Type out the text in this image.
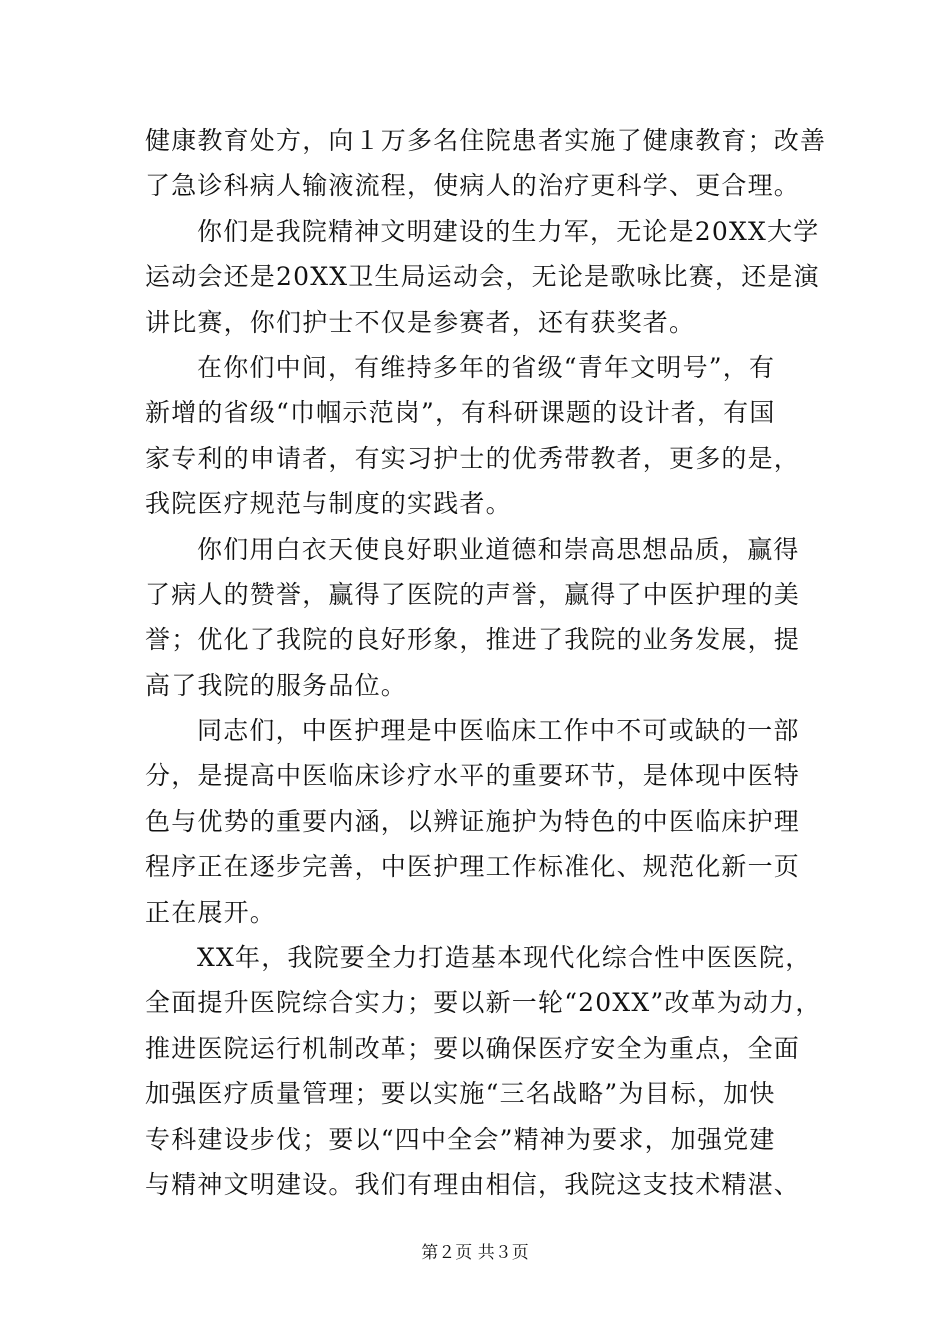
健康教育处方，向１万多名住院患者实施了健康教育；改善
了急诊科病人输液流程，使病人的治疗更科学、更合理。
你们是我院精神文明建设的生力军，无论是20XX大学
运动会还是20XX卫生局运动会，无论是歌咏比赛，还是演
讲比赛，你们护士不仅是参赛者，还有获奖者。
在你们中间，有维持多年的省级“青年文明号”，有
新增的省级“巾帼示范岗”，有科研课题的设计者，有国
家专利的申请者，有实习护士的优秀带教者，更多的是，
我院医疗规范与制度的实践者。
你们用白衣天使良好职业道德和崇高思想品质，赢得
了病人的赞誉，赢得了医院的声誉，赢得了中医护理的美
誉；优化了我院的良好形象，推进了我院的业务发展，提
高了我院的服务品位。
同志们，中医护理是中医临床工作中不可或缺的一部
分，是提高中医临床诊疗水平的重要环节，是体现中医特
色与优势的重要内涵，以辨证施护为特色的中医临床护理
程序正在逐步完善，中医护理工作标准化、规范化新一页
正在展开。
XX年，我院要全力打造基本现代化综合性中医医院，
全面提升医院综合实力；要以新一轮“20XX”改革为动力，
推进医院运行机制改革；要以确保医疗安全为重点，全面
加强医疗质量管理；要以实施“三名战略”为目标，加快
专科建设步伐；要以“四中全会”精神为要求，加强党建
与精神文明建设。我们有理由相信，我院这支技术精湛、
第２页 共３页
